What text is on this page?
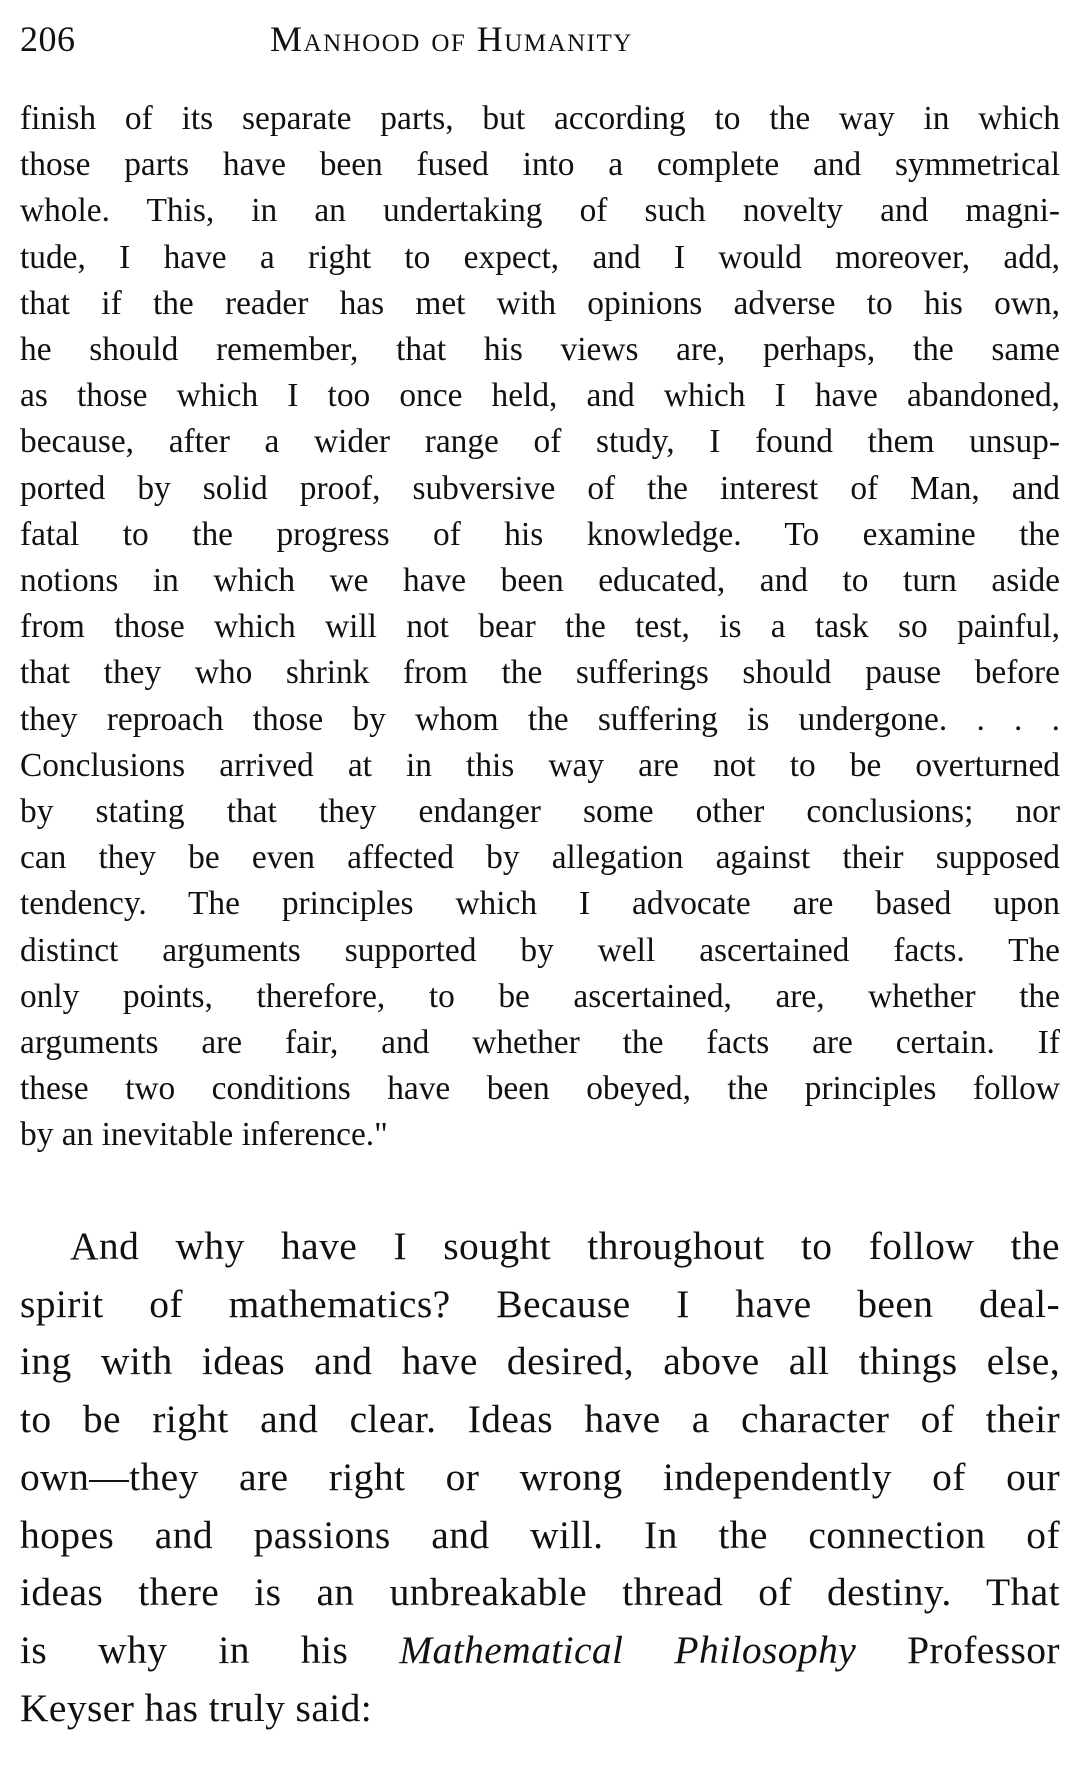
206	Manhood of Humanity
finish of its separate parts, but according to the way in which
those parts have been fused into a complete and symmetrical
whole. This, in an undertaking of such novelty and magni-
tude, I have a right to expect, and I would moreover, add,
that if the reader has met with opinions adverse to his own,
he should remember, that his views are, perhaps, the same
as those which I too once held, and which I have abandoned,
because, after a wider range of study, I found them unsup-
ported by solid proof, subversive of the interest of Man, and
fatal to the progress of his knowledge. To examine the
notions in which we have been educated, and to turn aside
from those which will not bear the test, is a task so painful,
that they who shrink from the sufferings should pause before
they reproach those by whom the suffering is undergone. . . .
Conclusions arrived at in this way are not to be overturned
by stating that they endanger some other conclusions; nor
can they be even affected by allegation against their supposed
tendency. The principles which I advocate are based upon
distinct arguments supported by well ascertained facts. The
only points, therefore, to be ascertained, are, whether the
arguments are fair, and whether the facts are certain. If
these two conditions have been obeyed, the principles follow
by an inevitable inference."
And why have I sought throughout to follow the
spirit of mathematics? Because I have been deal-
ing with ideas and have desired, above all things else,
to be right and clear. Ideas have a character of their
own—they are right or wrong independently of our
hopes and passions and will. In the connection of
ideas there is an unbreakable thread of destiny. That
is why in his Mathematical Philosophy Professor
Keyser has truly said:
